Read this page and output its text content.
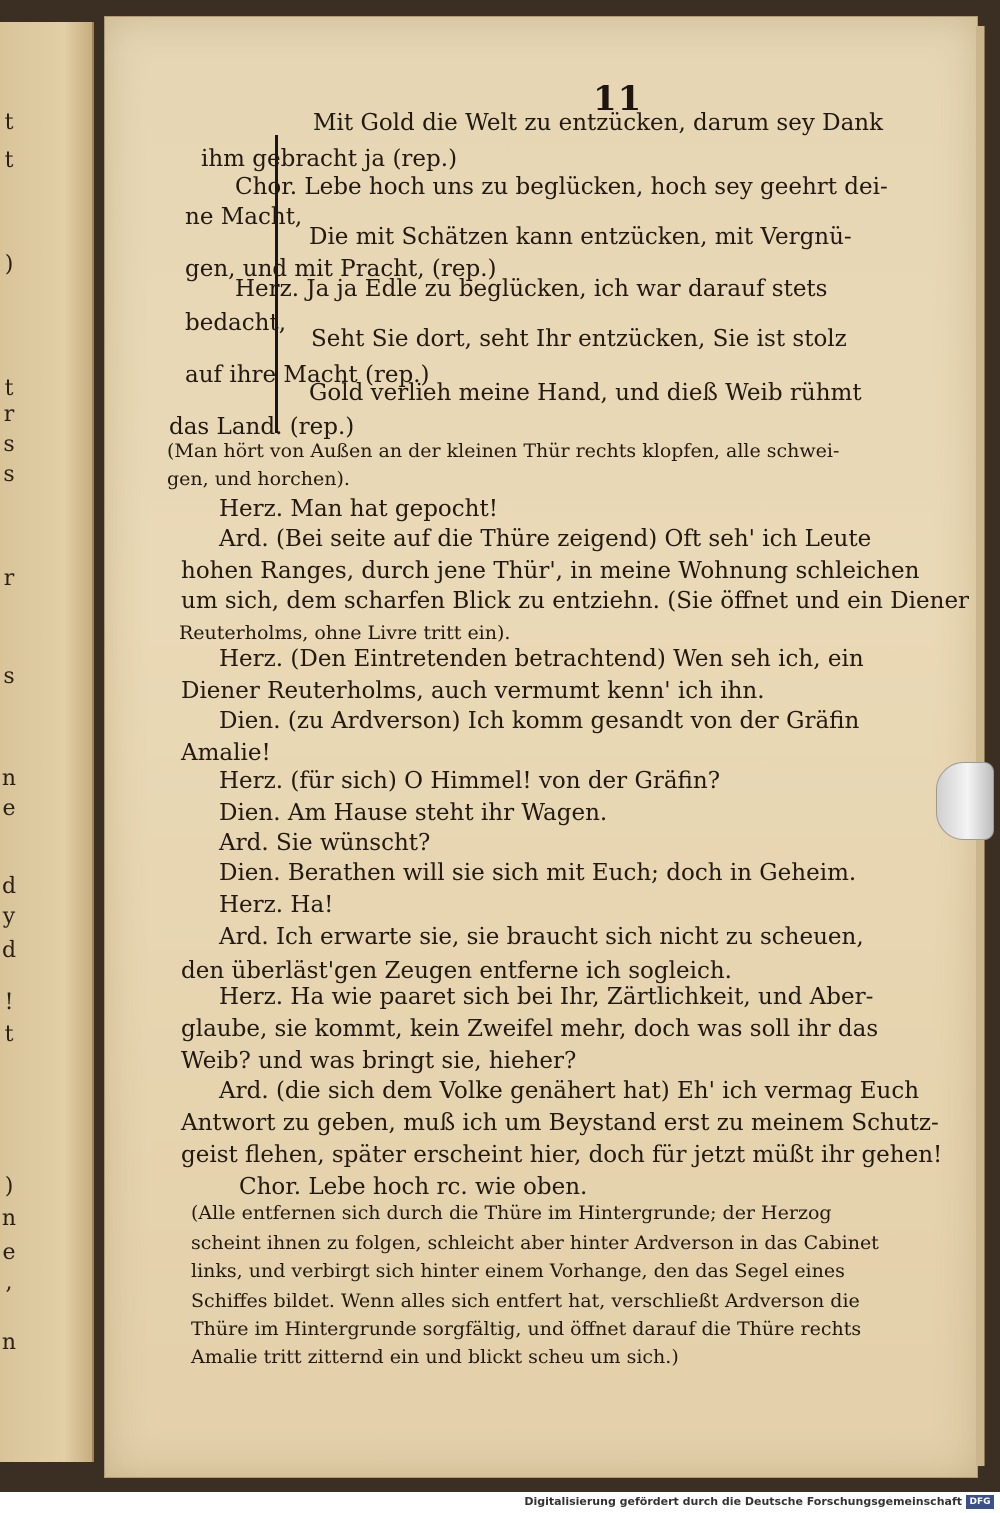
t
t
)
t
r
s
s
r
s
n
e
d
y
d
!
t
)
n
e
,
n
11
Mit Gold die Welt zu entzücken, darum sey Dank
ihm gebracht ja (rep.)
Chor. Lebe hoch uns zu beglücken, hoch sey geehrt dei-
ne Macht,
Die mit Schätzen kann entzücken, mit Vergnü-
gen, und mit Pracht, (rep.)
Herz. Ja ja Edle zu beglücken, ich war darauf stets
bedacht,
Seht Sie dort, seht Ihr entzücken, Sie ist stolz
auf ihre Macht (rep.)
Gold verlieh meine Hand, und dieß Weib rühmt
das Land. (rep.)
(Man hört von Außen an der kleinen Thür rechts klopfen, alle schwei-
gen, und horchen).
Herz. Man hat gepocht!
Ard. (Bei seite auf die Thüre zeigend) Oft seh' ich Leute
hohen Ranges, durch jene Thür', in meine Wohnung schleichen
um sich, dem scharfen Blick zu entziehn. (Sie öffnet und ein Diener
Reuterholms, ohne Livre tritt ein).
Herz. (Den Eintretenden betrachtend) Wen seh ich, ein
Diener Reuterholms, auch vermumt kenn' ich ihn.
Dien. (zu Ardverson) Ich komm gesandt von der Gräfin
Amalie!
Herz. (für sich) O Himmel! von der Gräfin?
Dien. Am Hause steht ihr Wagen.
Ard. Sie wünscht?
Dien. Berathen will sie sich mit Euch; doch in Geheim.
Herz. Ha!
Ard. Ich erwarte sie, sie braucht sich nicht zu scheuen,
den überläst'gen Zeugen entferne ich sogleich.
Herz. Ha wie paaret sich bei Ihr, Zärtlichkeit, und Aber-
glaube, sie kommt, kein Zweifel mehr, doch was soll ihr das
Weib? und was bringt sie, hieher?
Ard. (die sich dem Volke genähert hat) Eh' ich vermag Euch
Antwort zu geben, muß ich um Beystand erst zu meinem Schutz-
geist flehen, später erscheint hier, doch für jetzt müßt ihr gehen!
Chor. Lebe hoch rc. wie oben.
(Alle entfernen sich durch die Thüre im Hintergrunde; der Herzog
scheint ihnen zu folgen, schleicht aber hinter Ardverson in das Cabinet
links, und verbirgt sich hinter einem Vorhange, den das Segel eines
Schiffes bildet. Wenn alles sich entfert hat, verschließt Ardverson die
Thüre im Hintergrunde sorgfältig, und öffnet darauf die Thüre rechts
Amalie tritt zitternd ein und blickt scheu um sich.)
Digitalisierung gefördert durch die Deutsche Forschungsgemeinschaft DFG
